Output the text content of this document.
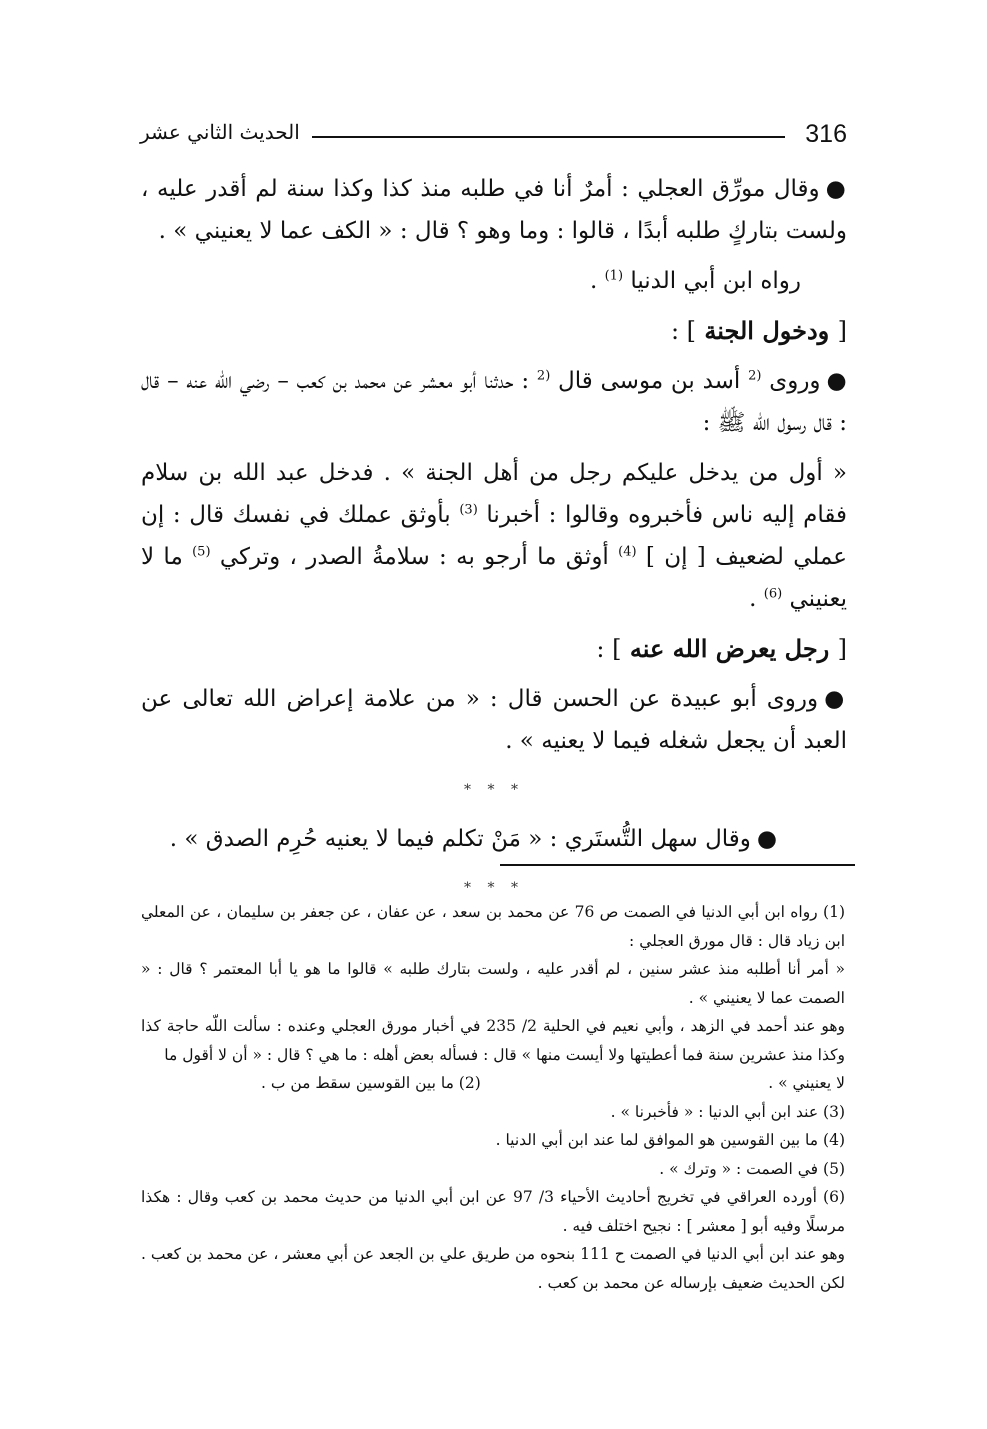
316
الحديث الثاني عشر

●وقال مورِّق العجلي : أمرٌ أنا في طلبه منذ كذا وكذا سنة لم أقدر عليه ، ولست بتاركٍ طلبه أبدًا ، قالوا : وما وهو ؟ قال : « الكف عما لا يعنيني » .

رواه ابن أبي الدنيا $^{(1)}$ .

[ ودخول الجنة ] :

●وروى $^{(2}$ أسد بن موسى قال $^{(2}$ : حدثنا أبو معشر عن محمد بن كعب – رضي الله عنه – قال : قال رسول الله ﷺ :

« أول من يدخل عليكم رجل من أهل الجنة » . فدخل عبد الله بن سلام فقام إليه ناس فأخبروه وقالوا : أخبرنا $^{(3)}$ بأوثق عملك في نفسك قال : إن عملي لضعيف [ إن ] $^{(4)}$ أوثق ما أرجو به : سلامةُ الصدر ، وتركي $^{(5)}$ ما لا يعنيني $^{(6)}$ .

[ رجل يعرض الله عنه ] :

●وروى أبو عبيدة عن الحسن قال : « من علامة إعراض الله تعالى عن العبد أن يجعل شغله فيما لا يعنيه » .

* * *

●وقال سهل التُّستَري : « مَنْ تكلم فيما لا يعنيه حُرِم الصدق » .

* * *

(1) رواه ابن أبي الدنيا في الصمت ص 76 عن محمد بن سعد ، عن عفان ، عن جعفر بن سليمان ، عن المعلي ابن زياد قال : قال مورق العجلي :

« أمر أنا أطلبه منذ عشر سنين ، لم أقدر عليه ، ولست بتارك طلبه » قالوا ما هو يا أبا المعتمر ؟ قال : « الصمت عما لا يعنيني » .

وهو عند أحمد في الزهد ، وأبي نعيم في الحلية 2/ 235 في أخبار مورق العجلي وعنده : سألت اللّه حاجة كذا وكذا منذ عشرين سنة فما أعطيتها ولا أيست منها » قال : فسأله بعض أهله : ما هي ؟ قال : « أن لا أقول ما

لا يعنيني » .
(2) ما بين القوسين سقط من ب .

(3) عند ابن أبي الدنيا : « فأخبرنا » .

(4) ما بين القوسين هو الموافق لما عند ابن أبي الدنيا .

(5) في الصمت : « وترك » .

(6) أورده العراقي في تخريج أحاديث الأحياء 3/ 97 عن ابن أبي الدنيا من حديث محمد بن كعب وقال : هكذا مرسلًا وفيه أبو [ معشر ] : نجيح اختلف فيه .

وهو عند ابن أبي الدنيا في الصمت ح 111 بنحوه من طريق علي بن الجعد عن أبي معشر ، عن محمد بن كعب . لكن الحديث ضعيف بإرساله عن محمد بن كعب .
